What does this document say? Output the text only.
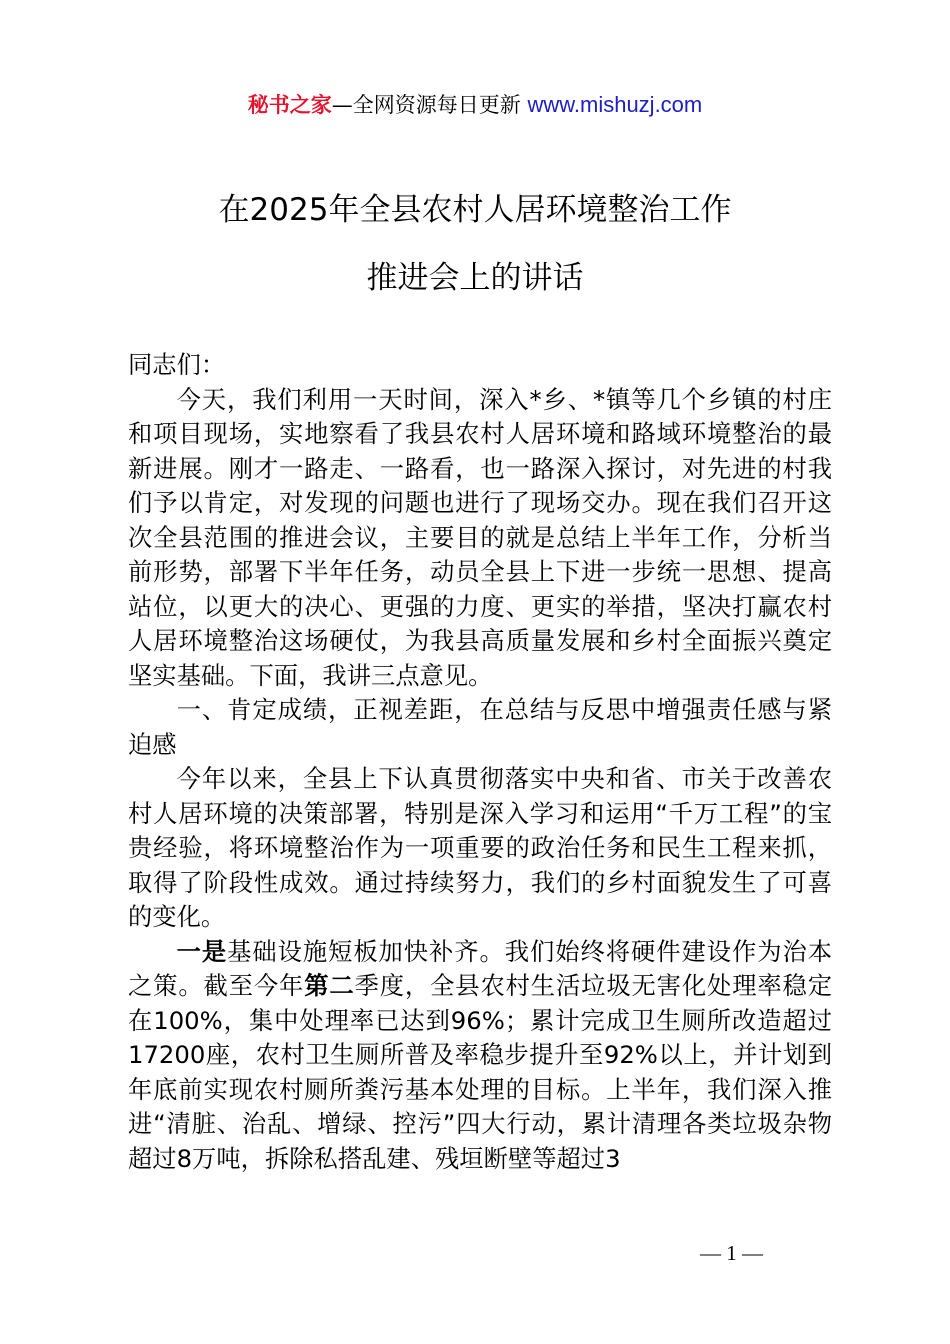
秘书之家—全网资源每日更新 www.mishuzj.com
在2025年全县农村人居环境整治工作
推进会上的讲话

同志们：

今天，我们利用一天时间，深入*乡、*镇等几个乡镇的村庄和项目现场，实地察看了我县农村人居环境和路域环境整治的最新进展。刚才一路走、一路看，也一路深入探讨，对先进的村我们予以肯定，对发现的问题也进行了现场交办。现在我们召开这次全县范围的推进会议，主要目的就是总结上半年工作，分析当前形势，部署下半年任务，动员全县上下进一步统一思想、提高站位，以更大的决心、更强的力度、更实的举措，坚决打赢农村人居环境整治这场硬仗，为我县高质量发展和乡村全面振兴奠定坚实基础。下面，我讲三点意见。

一、肯定成绩，正视差距，在总结与反思中增强责任感与紧迫感

今年以来，全县上下认真贯彻落实中央和省、市关于改善农村人居环境的决策部署，特别是深入学习和运用“千万工程”的宝贵经验，将环境整治作为一项重要的政治任务和民生工程来抓，取得了阶段性成效。通过持续努力，我们的乡村面貌发生了可喜的变化。

一是基础设施短板加快补齐。我们始终将硬件建设作为治本之策。截至今年第二季度，全县农村生活垃圾无害化处理率稳定在100%，集中处理率已达到96%；累计完成卫生厕所改造超过17200座，农村卫生厕所普及率稳步提升至92%以上，并计划到年底前实现农村厕所粪污基本处理的目标。上半年，我们深入推进“清脏、治乱、增绿、控污”四大行动，累计清理各类垃圾杂物超过8万吨，拆除私搭乱建、残垣断壁等超过3

— 1 —
